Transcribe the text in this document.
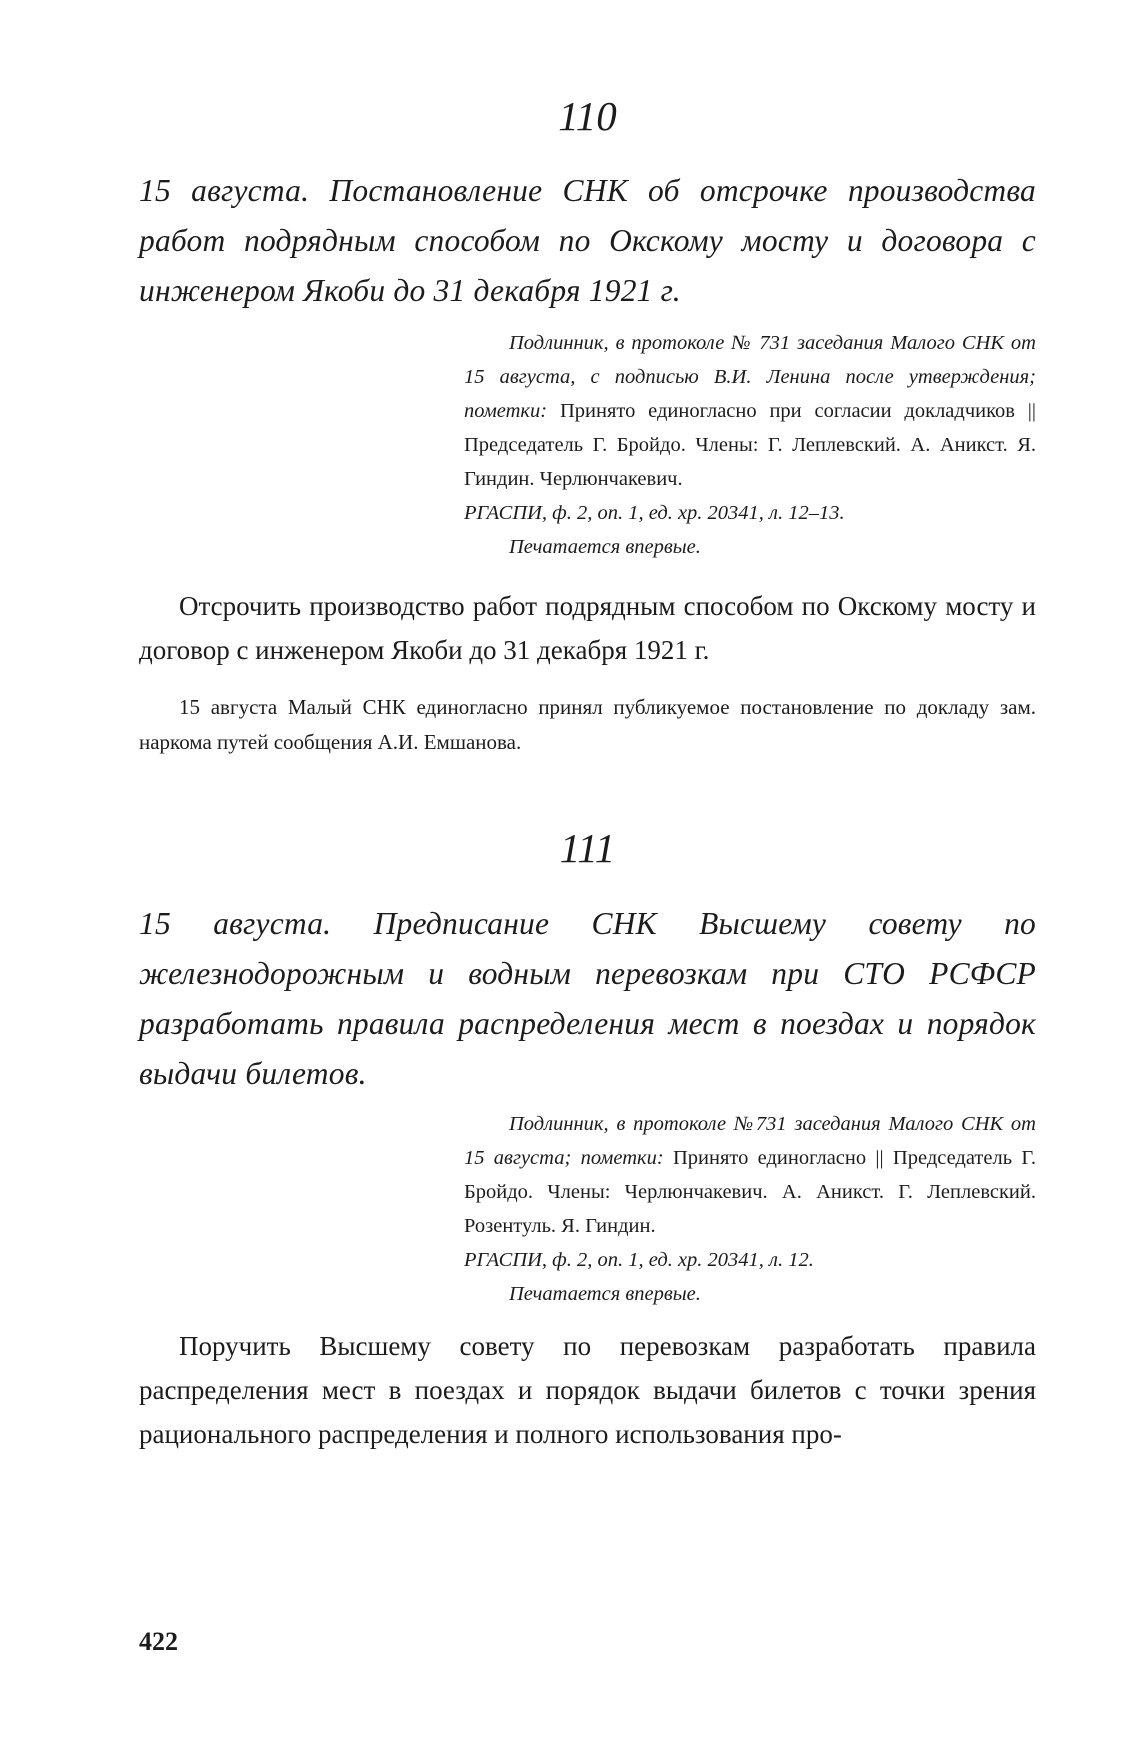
110
15 августа. Постановление СНК об отсрочке производства работ подрядным способом по Окскому мосту и договора с инженером Якоби до 31 декабря 1921 г.
Подлинник, в протоколе № 731 заседания Малого СНК от 15 августа, с подписью В.И. Ленина после утверждения; пометки: Принято единогласно при согласии докладчиков || Председатель Г. Бройдо. Члены: Г. Леплевский. А. Аникст. Я. Гиндин. Черлюнчакевич.
РГАСПИ, ф. 2, оп. 1, ед. хр. 20341, л. 12–13.
Печатается впервые.
Отсрочить производство работ подрядным способом по Окскому мосту и договор с инженером Якоби до 31 декабря 1921 г.
15 августа Малый СНК единогласно принял публикуемое постановление по докладу зам. наркома путей сообщения А.И. Емшанова.
111
15 августа. Предписание СНК Высшему совету по железнодорожным и водным перевозкам при СТО РСФСР разработать правила распределения мест в поездах и порядок выдачи билетов.
Подлинник, в протоколе №731 заседания Малого СНК от 15 августа; пометки: Принято единогласно || Председатель Г. Бройдо. Члены: Черлюнчакевич. А. Аникст. Г. Леплевский. Розентуль. Я. Гиндин.
РГАСПИ, ф. 2, оп. 1, ед. хр. 20341, л. 12.
Печатается впервые.
Поручить Высшему совету по перевозкам разработать правила распределения мест в поездах и порядок выдачи билетов с точки зрения рационального распределения и полного использования про-
422
